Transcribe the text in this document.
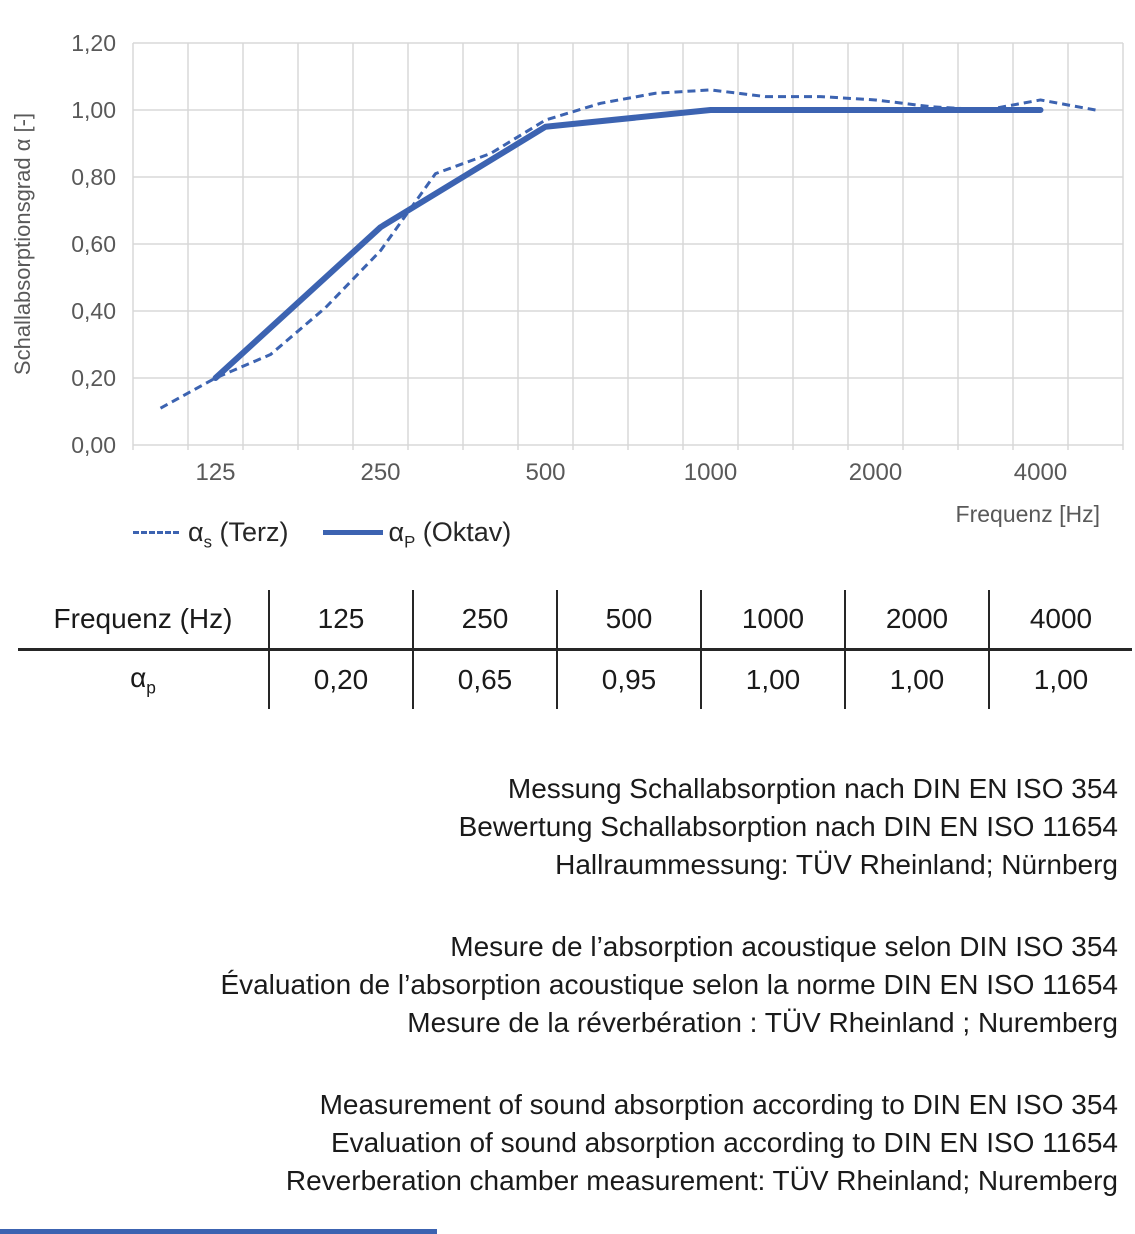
0,00
0,20
0,40
0,60
0,80
1,00
1,20
125	250	500	1000	2000	4000
Frequenz [Hz]
Schallabsorptionsgrad α [-]
$\alpha_s$ (Terz)	$\alpha_P$ (Oktav)
Frequenz (Hz)	125	250	500	1000	2000	4000
$\alpha_p$	0,20	0,65	0,95	1,00	1,00	1,00
Messung Schallabsorption nach DIN EN ISO 354
Bewertung Schallabsorption nach DIN EN ISO 11654
Hallraummessung: TÜV Rheinland; Nürnberg
Mesure de l’absorption acoustique selon DIN ISO 354
Évaluation de l’absorption acoustique selon la norme DIN EN ISO 11654
Mesure de la réverbération : TÜV Rheinland ; Nuremberg
Measurement of sound absorption according to DIN EN ISO 354
Evaluation of sound absorption according to DIN EN ISO 11654
Reverberation chamber measurement: TÜV Rheinland; Nuremberg
